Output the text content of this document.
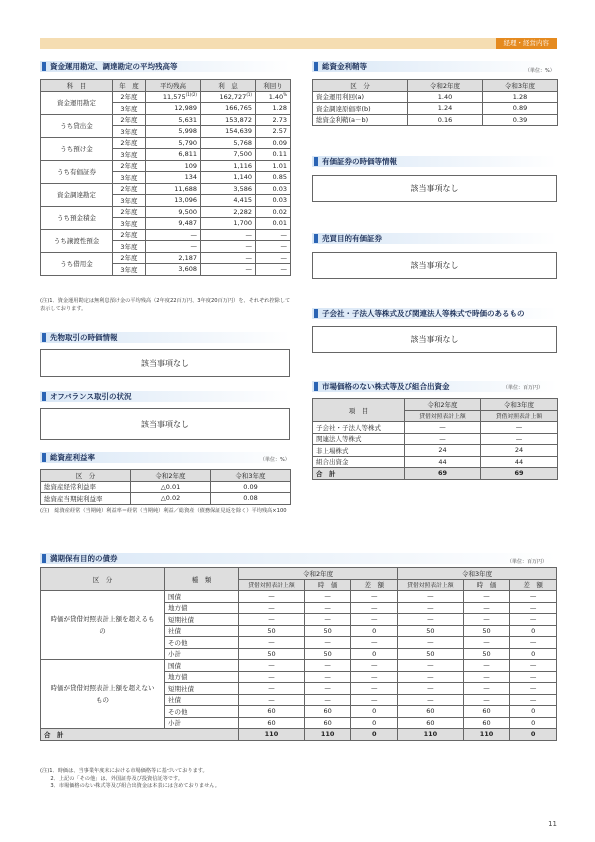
経理・経営内容
資金運用勘定、調達勘定の平均残高等
科　目	年　度	平均残高	利　息	利回り
資金運用勘定	2年度	$11,575^{(1)(2)}$	162,727$^{(1)}$	1.40%
	3年度	12,989	166,765	1.28
うち貸出金	2年度	5,631	153,872	2.73
	3年度	5,998	154,639	2.57
うち預け金	2年度	5,790	5,768	0.09
	3年度	6,811	7,500	0.11
うち有価証券	2年度	109	1,116	1.01
	3年度	134	1,140	0.85
資金調達勘定	2年度	11,688	3,586	0.03
	3年度	13,096	4,415	0.03
うち預金積金	2年度	9,500	2,282	0.02
	3年度	9,487	1,700	0.01
うち譲渡性預金	2年度	—	—	—
	3年度	—	—	—
うち借用金	2年度	2,187	—	—
	3年度	3,608	—	—
(注)1．資金運用勘定は無利息預け金の平均残高（2年度22百万円、3年度20百万円）を、それぞれ控除して表示しております。
総資金利鞘等	（単位：%）
区　分	令和2年度	令和3年度
資金運用利回(a)	1.40	1.28
資金調達原価率(b)	1.24	0.89
総資金利鞘(a－b)	0.16	0.39
有価証券の時価等情報
該当事項なし
売買目的有価証券
該当事項なし
子会社・子法人等株式及び関連法人等株式で時価のあるもの
該当事項なし
先物取引の時価情報
該当事項なし
市場価格のない株式等及び組合出資金	（単位：百万円）
項　目	令和2年度	令和3年度
	貸借対照表計上額	貸借対照表計上額
子会社・子法人等株式	—	—
関連法人等株式	—	—
非上場株式	24	24
組合出資金	44	44
合　計	69	69
オフバランス取引の状況
該当事項なし
総資産利益率	（単位：%）
区　分	令和2年度	令和3年度
総資産経常利益率	△0.01	0.09
総資産当期純利益率	△0.02	0.08
(注)　総資産経常（当期純）利益率＝経常（当期純）利益／総資産（債務保証見返を除く）平均残高×100
満期保有目的の債券	（単位：百万円）
区　分	種　類	令和2年度			令和3年度		
		貸借対照表計上額	時　価	差　額	貸借対照表計上額	時　価	差　額
時価が貸借対照表計上額を超えるもの	国債	—	—	—	—	—	—
	地方債	—	—	—	—	—	—
	短期社債	—	—	—	—	—	—
	社債	50	50	0	50	50	0
	その他	—	—	—	—	—	—
	小計	50	50	0	50	50	0
時価が貸借対照表計上額を超えないもの	国債	—	—	—	—	—	—
	地方債	—	—	—	—	—	—
	短期社債	—	—	—	—	—	—
	社債	—	—	—	—	—	—
	その他	60	60	0	60	60	0
	小計	60	60	0	60	60	0
合　計		110	110	0	110	110	0
(注)1．時価は、当事業年度末における市場価格等に基づいております。
　　2．上記の「その他」は、外国証券及び投資信託等です。
　　3．市場価格のない株式等及び組合出資金は本表には含めておりません。
11
